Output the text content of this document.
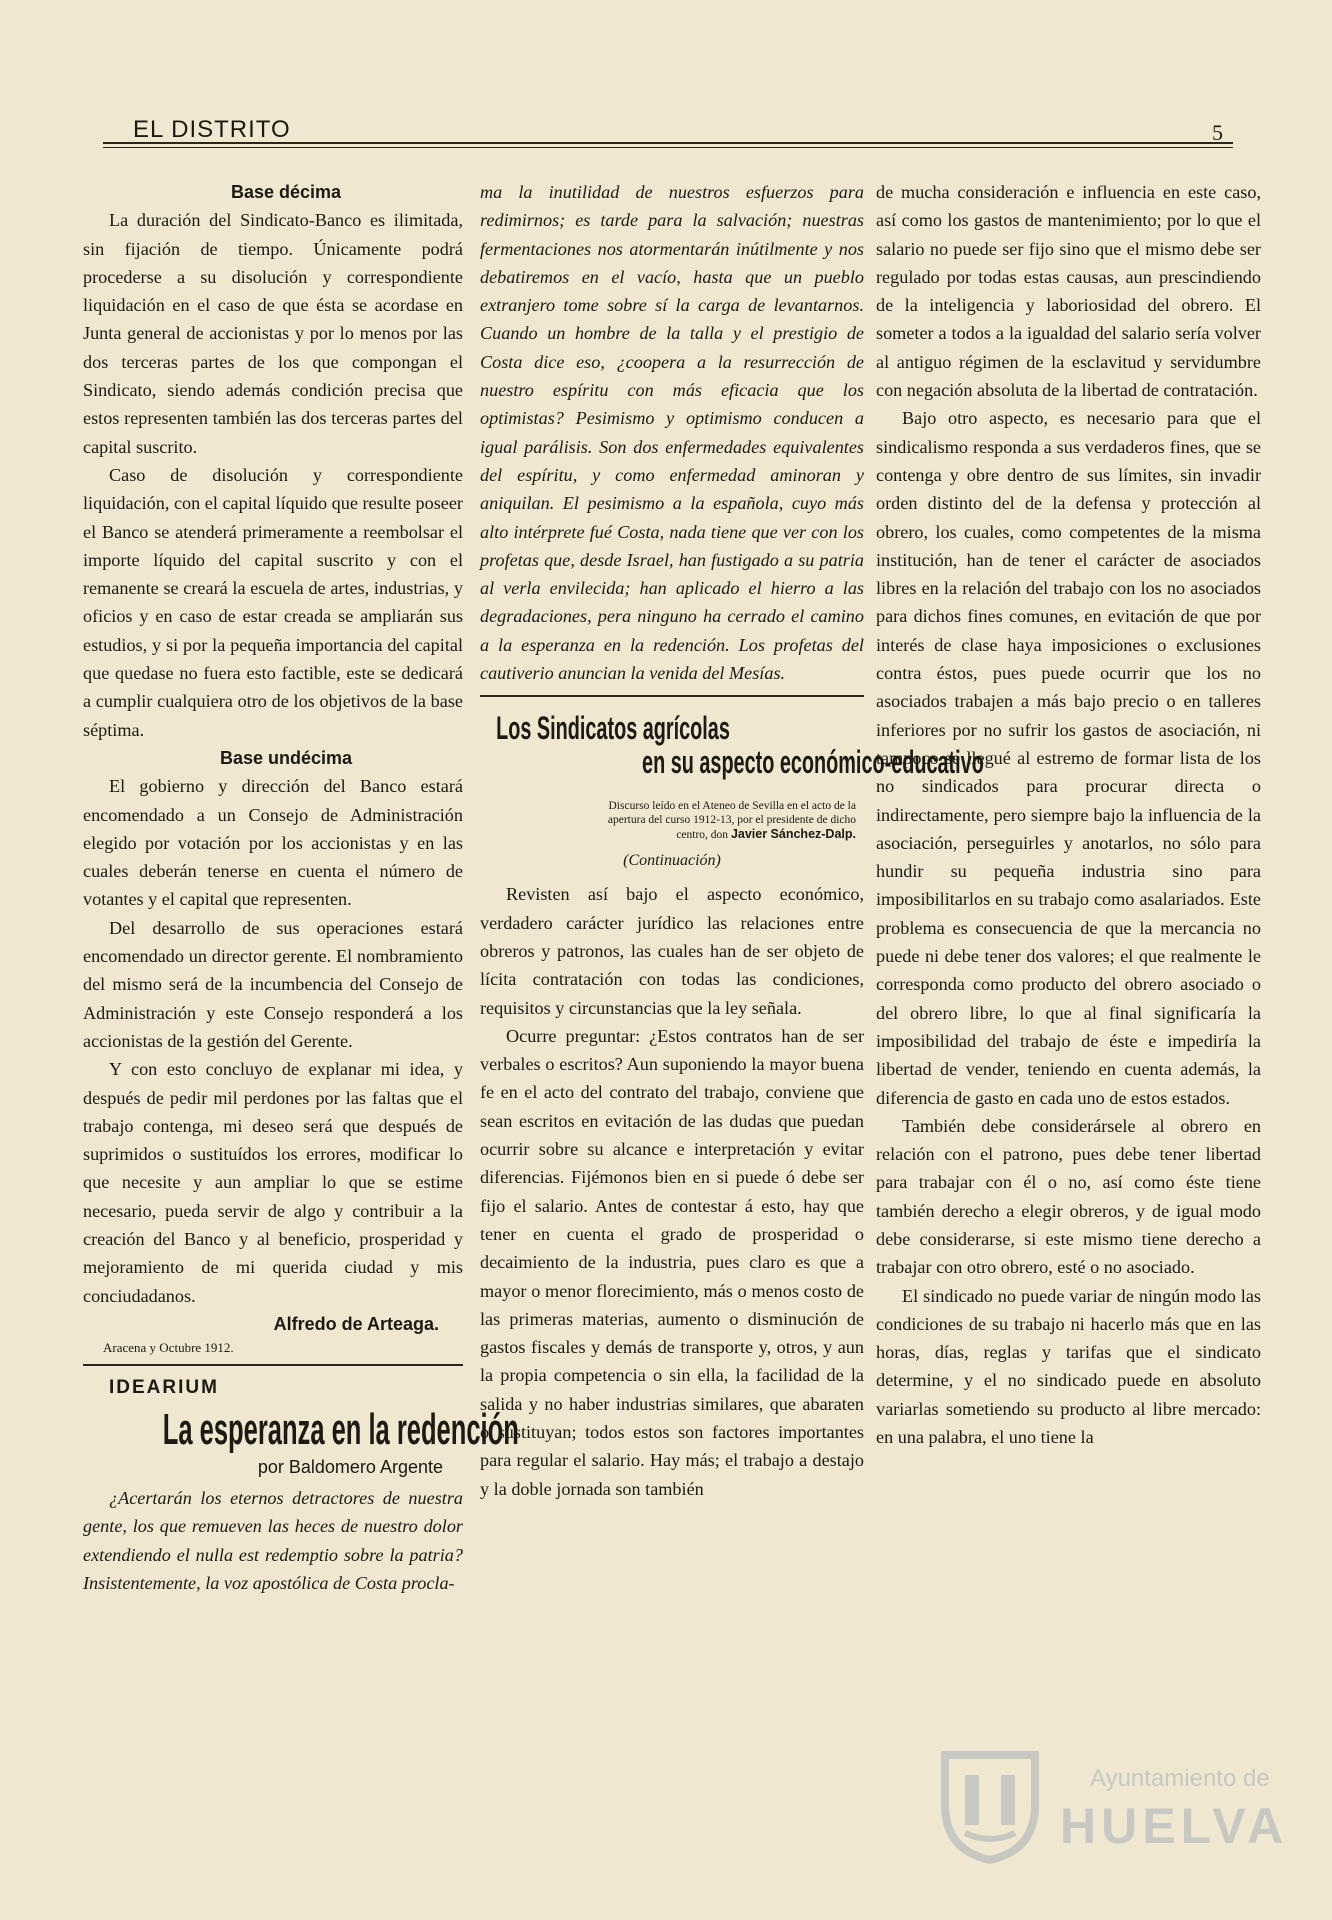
EL DISTRITO	5

Base décima

La duración del Sindicato-Banco es ilimitada, sin fijación de tiempo. Únicamente podrá procederse a su disolución y correspondiente liquidación en el caso de que ésta se acordase en Junta general de accionistas y por lo menos por las dos terceras partes de los que compongan el Sindicato, siendo además condición precisa que estos representen también las dos terceras partes del capital suscrito.

Caso de disolución y correspondiente liquidación, con el capital líquido que resulte poseer el Banco se atenderá primeramente a reembolsar el importe líquido del capital suscrito y con el remanente se creará la escuela de artes, industrias, y oficios y en caso de estar creada se ampliarán sus estudios, y si por la pequeña importancia del capital que quedase no fuera esto factible, este se dedicará a cumplir cualquiera otro de los objetivos de la base séptima.

Base undécima

El gobierno y dirección del Banco estará encomendado a un Consejo de Administración elegido por votación por los accionistas y en las cuales deberán tenerse en cuenta el número de votantes y el capital que representen.

Del desarrollo de sus operaciones estará encomendado un director gerente. El nombramiento del mismo será de la incumbencia del Consejo de Administración y este Consejo responderá a los accionistas de la gestión del Gerente.

Y con esto concluyo de explanar mi idea, y después de pedir mil perdones por las faltas que el trabajo contenga, mi deseo será que después de suprimidos o sustituídos los errores, modificar lo que necesite y aun ampliar lo que se estime necesario, pueda servir de algo y contribuir a la creación del Banco y al beneficio, prosperidad y mejoramiento de mi querida ciudad y mis conciudadanos.

Alfredo de Arteaga.
Aracena y Octubre 1912.

IDEARIUM

La esperanza en la redención
por Baldomero Argente

¿Acertarán los eternos detractores de nuestra gente, los que remueven las heces de nuestro dolor extendiendo el nulla est redemptio sobre la patria? Insistentemente, la voz apostólica de Costa procla-

ma la inutilidad de nuestros esfuerzos para redimirnos; es tarde para la salvación; nuestras fermentaciones nos atormentarán inútilmente y nos debatiremos en el vacío, hasta que un pueblo extranjero tome sobre sí la carga de levantarnos. Cuando un hombre de la talla y el prestigio de Costa dice eso, ¿coopera a la resurrección de nuestro espíritu con más eficacia que los optimistas? Pesimismo y optimismo conducen a igual parálisis. Son dos enfermedades equivalentes del espíritu, y como enfermedad aminoran y aniquilan. El pesimismo a la española, cuyo más alto intérprete fué Costa, nada tiene que ver con los profetas que, desde Israel, han fustigado a su patria al verla envilecida; han aplicado el hierro a las degradaciones, pera ninguno ha cerrado el camino a la esperanza en la redención. Los profetas del cautiverio anuncian la venida del Mesías.

Los Sindicatos agrícolas

en su aspecto económico-educativo

Discurso leído en el Ateneo de Sevilla en el acto de la apertura del curso 1912-13, por el presidente de dicho centro, don Javier Sánchez-Dalp.
(Continuación)

Revisten así bajo el aspecto económico, verdadero carácter jurídico las relaciones entre obreros y patronos, las cuales han de ser objeto de lícita contratación con todas las condiciones, requisitos y circunstancias que la ley señala.

Ocurre preguntar: ¿Estos contratos han de ser verbales o escritos? Aun suponiendo la mayor buena fe en el acto del contrato del trabajo, conviene que sean escritos en evitación de las dudas que puedan ocurrir sobre su alcance e interpretación y evitar diferencias. Fijémonos bien en si puede ó debe ser fijo el salario. Antes de contestar á esto, hay que tener en cuenta el grado de prosperidad o decaimiento de la industria, pues claro es que a mayor o menor florecimiento, más o menos costo de las primeras materias, aumento o disminución de gastos fiscales y demás de transporte y, otros, y aun la propia competencia o sin ella, la facilidad de la salida y no haber industrias similares, que abaraten o sustituyan; todos estos son factores importantes para regular el salario. Hay más; el trabajo a destajo y la doble jornada son también

de mucha consideración e influencia en este caso, así como los gastos de mantenimiento; por lo que el salario no puede ser fijo sino que el mismo debe ser regulado por todas estas causas, aun prescindiendo de la inteligencia y laboriosidad del obrero. El someter a todos a la igualdad del salario sería volver al antiguo régimen de la esclavitud y servidumbre con negación absoluta de la libertad de contratación.

Bajo otro aspecto, es necesario para que el sindicalismo responda a sus verdaderos fines, que se contenga y obre dentro de sus límites, sin invadir orden distinto del de la defensa y protección al obrero, los cuales, como competentes de la misma institución, han de tener el carácter de asociados libres en la relación del trabajo con los no asociados para dichos fines comunes, en evitación de que por interés de clase haya imposiciones o exclusiones contra éstos, pues puede ocurrir que los no asociados trabajen a más bajo precio o en talleres inferiores por no sufrir los gastos de asociación, ni tampoco se llegué al estremo de formar lista de los no sindicados para procurar directa o indirectamente, pero siempre bajo la influencia de la asociación, perseguirles y anotarlos, no sólo para hundir su pequeña industria sino para imposibilitarlos en su trabajo como asalariados. Este problema es consecuencia de que la mercancia no puede ni debe tener dos valores; el que realmente le corresponda como producto del obrero asociado o del obrero libre, lo que al final significaría la imposibilidad del trabajo de éste e impediría la libertad de vender, teniendo en cuenta además, la diferencia de gasto en cada uno de estos estados.

También debe considerársele al obrero en relación con el patrono, pues debe tener libertad para trabajar con él o no, así como éste tiene también derecho a elegir obreros, y de igual modo debe considerarse, si este mismo tiene derecho a trabajar con otro obrero, esté o no asociado.

El sindicado no puede variar de ningún modo las condiciones de su trabajo ni hacerlo más que en las horas, días, reglas y tarifas que el sindicato determine, y el no sindicado puede en absoluto variarlas sometiendo su producto al libre mercado: en una palabra, el uno tiene la

Ayuntamiento de
HUELVA
